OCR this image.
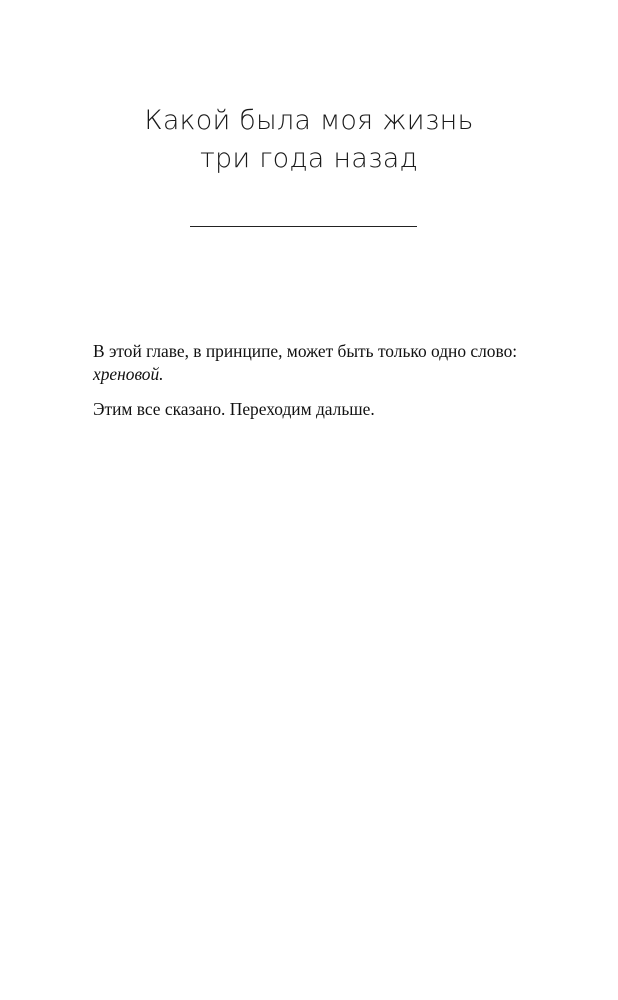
Какой была моя жизнь
три года назад

В этой главе, в принципе, может быть только одно слово: хреновой.

Этим все сказано. Переходим дальше.
